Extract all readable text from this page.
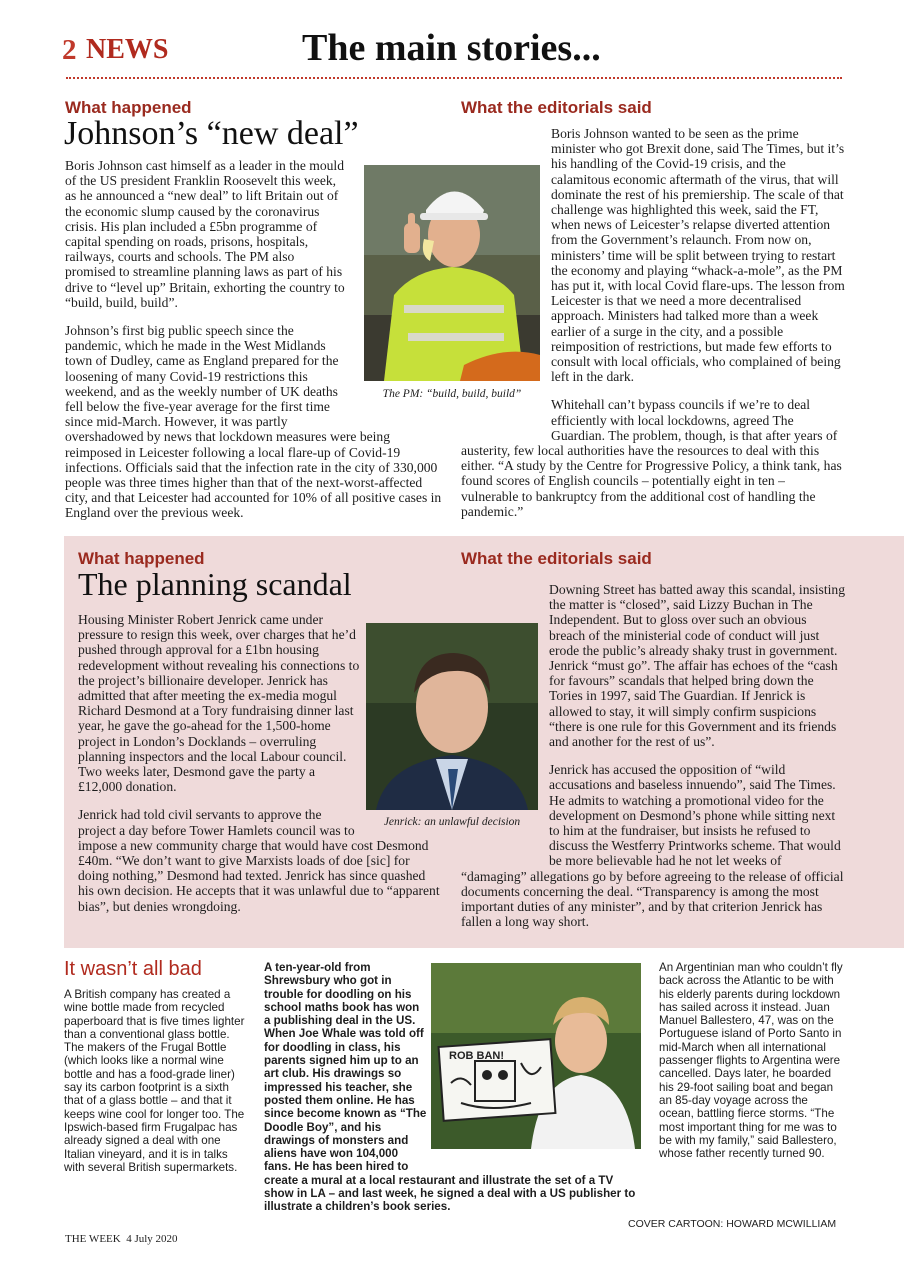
2 NEWS	The main stories...
What happened
Johnson’s “new deal”

Boris Johnson cast himself as a leader in the mould of the US president Franklin Roosevelt this week, as he announced a “new deal” to lift Britain out of the economic slump caused by the coronavirus crisis. His plan included a £5bn programme of capital spending on roads, prisons, hospitals, railways, courts and schools. The PM also promised to streamline planning laws as part of his drive to “level up” Britain, exhorting the country to “build, build, build”.

Johnson’s first big public speech since the pandemic, which he made in the West Midlands town of Dudley, came as England prepared for the loosening of many Covid-19 restrictions this weekend, and as the weekly number of UK deaths fell below the five-year average for the first time since mid-March. However, it was partly overshadowed by news that lockdown measures were being reimposed in Leicester following a local flare-up of Covid-19 infections. Officials said that the infection rate in the city of 330,000 people was three times higher than that of the next-worst-affected city, and that Leicester had accounted for 10% of all positive cases in England over the previous week.

The PM: “build, build, build”
What the editorials said

Boris Johnson wanted to be seen as the prime minister who got Brexit done, said The Times, but it’s his handling of the Covid-19 crisis, and the calamitous economic aftermath of the virus, that will dominate the rest of his premiership. The scale of that challenge was highlighted this week, said the FT, when news of Leicester’s relapse diverted attention from the Government’s relaunch. From now on, ministers’ time will be split between trying to restart the economy and playing “whack-a-mole”, as the PM has put it, with local Covid flare-ups. The lesson from Leicester is that we need a more decentralised approach. Ministers had talked more than a week earlier of a surge in the city, and a possible reimposition of restrictions, but made few efforts to consult with local officials, who complained of being left in the dark.

Whitehall can’t bypass councils if we’re to deal efficiently with local lockdowns, agreed The Guardian. The problem, though, is that after years of austerity, few local authorities have the resources to deal with this either. “A study by the Centre for Progressive Policy, a think tank, has found scores of English councils – potentially eight in ten – vulnerable to bankruptcy from the additional cost of handling the pandemic.”

What happened
The planning scandal

Housing Minister Robert Jenrick came under pressure to resign this week, over charges that he’d pushed through approval for a £1bn housing redevelopment without revealing his connections to the project’s billionaire developer. Jenrick has admitted that after meeting the ex-media mogul Richard Desmond at a Tory fundraising dinner last year, he gave the go-ahead for the 1,500-home project in London’s Docklands – overruling planning inspectors and the local Labour council. Two weeks later, Desmond gave the party a £12,000 donation.

Jenrick had told civil servants to approve the project a day before Tower Hamlets council was to impose a new community charge that would have cost Desmond £40m. “We don’t want to give Marxists loads of doe [sic] for doing nothing,” Desmond had texted. Jenrick has since quashed his own decision. He accepts that it was unlawful due to “apparent bias”, but denies wrongdoing.

Jenrick: an unlawful decision
What the editorials said

Downing Street has batted away this scandal, insisting the matter is “closed”, said Lizzy Buchan in The Independent. But to gloss over such an obvious breach of the ministerial code of conduct will just erode the public’s already shaky trust in government. Jenrick “must go”. The affair has echoes of the “cash for favours” scandals that helped bring down the Tories in 1997, said The Guardian. If Jenrick is allowed to stay, it will simply confirm suspicions “there is one rule for this Government and its friends and another for the rest of us”.

Jenrick has accused the opposition of “wild accusations and baseless innuendo”, said The Times. He admits to watching a promotional video for the development on Desmond’s phone while sitting next to him at the fundraiser, but insists he refused to discuss the Westferry Printworks scheme. That would be more believable had he not let weeks of “damaging” allegations go by before agreeing to the release of official documents concerning the deal. “Transparency is among the most important duties of any minister”, and by that criterion Jenrick has fallen a long way short.

It wasn’t all bad
A British company has created a wine bottle made from recycled paperboard that is five times lighter than a conventional glass bottle. The makers of the Frugal Bottle (which looks like a normal wine bottle and has a food-grade liner) say its carbon footprint is a sixth that of a glass bottle – and that it keeps wine cool for longer too. The Ipswich-based firm Frugalpac has already signed a deal with one Italian vineyard, and it is in talks with several British supermarkets.
A ten-year-old from Shrewsbury who got in trouble for doodling on his school maths book has won a publishing deal in the US. When Joe Whale was told off for doodling in class, his parents signed him up to an art club. His drawings so impressed his teacher, she posted them online. He has since become known as “The Doodle Boy”, and his drawings of monsters and aliens have won 104,000 fans. He has been hired to create a mural at a local restaurant and illustrate the set of a TV show in LA – and last week, he signed a deal with a US publisher to illustrate a children’s book series.
ROB BAN!
An Argentinian man who couldn’t fly back across the Atlantic to be with his elderly parents during lockdown has sailed across it instead. Juan Manuel Ballestero, 47, was on the Portuguese island of Porto Santo in mid-March when all international passenger flights to Argentina were cancelled. Days later, he boarded his 29-foot sailing boat and began an 85-day voyage across the ocean, battling fierce storms. “The most important thing for me was to be with my family,” said Ballestero, whose father recently turned 90.
COVER CARTOON: HOWARD MCWILLIAM
THE WEEK  4 July 2020
